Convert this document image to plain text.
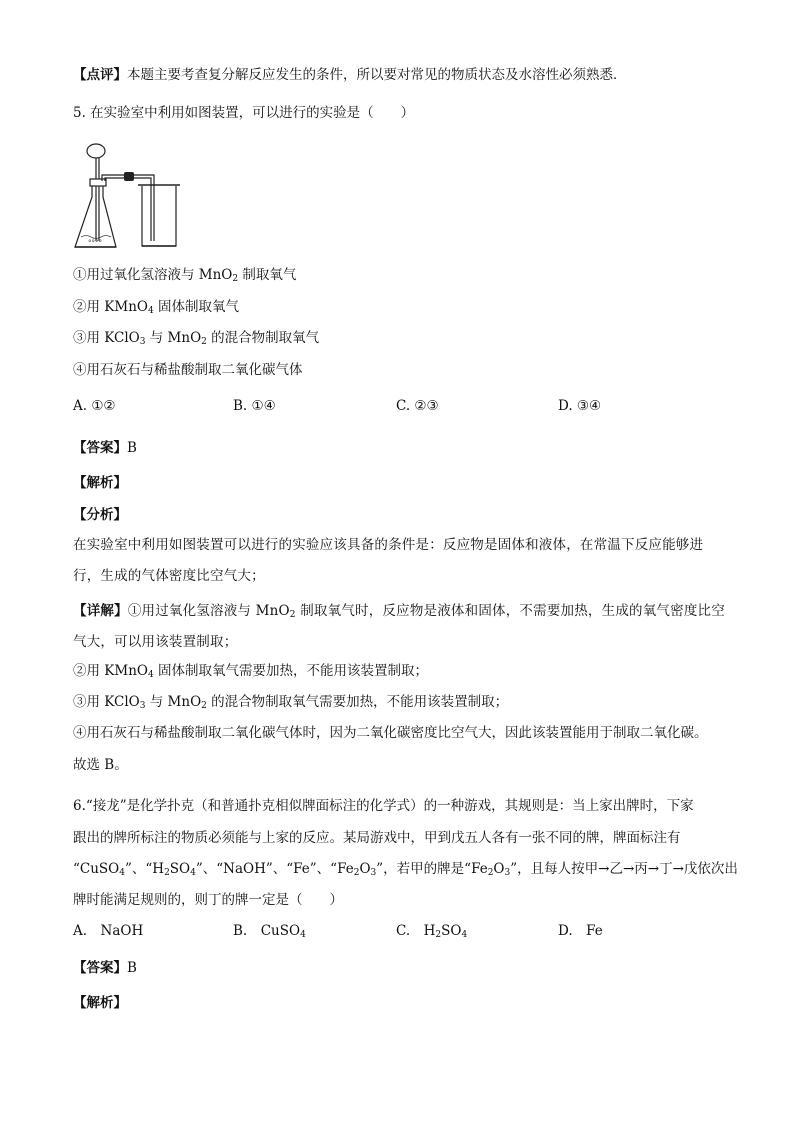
【点评】本题主要考查复分解反应发生的条件，所以要对常见的物质状态及水溶性必须熟悉．
5. 在实验室中利用如图装置，可以进行的实验是（　　）
°°°°
①用过氧化氢溶液与 MnO$_2$ 制取氧气
②用 KMnO$_4$ 固体制取氧气
③用 KClO$_3$ 与 MnO$_2$ 的混合物制取氧气
④用石灰石与稀盐酸制取二氧化碳气体
A. ①②	B. ①④	C. ②③	D. ③④
【答案】B
【解析】
【分析】
在实验室中利用如图装置可以进行的实验应该具备的条件是：反应物是固体和液体，在常温下反应能够进行，生成的气体密度比空气大；
【详解】①用过氧化氢溶液与 MnO$_2$ 制取氧气时，反应物是液体和固体，不需要加热，生成的氧气密度比空气大，可以用该装置制取；
②用 KMnO$_4$ 固体制取氧气需要加热，不能用该装置制取；
③用 KClO$_3$ 与 MnO$_2$ 的混合物制取氧气需要加热，不能用该装置制取；
④用石灰石与稀盐酸制取二氧化碳气体时，因为二氧化碳密度比空气大，因此该装置能用于制取二氧化碳。
故选 B。
6.“接龙”是化学扑克（和普通扑克相似牌面标注的化学式）的一种游戏，其规则是：当上家出牌时，下家
跟出的牌所标注的物质必须能与上家的反应。某局游戏中，甲到戊五人各有一张不同的牌，牌面标注有
“CuSO$_4$”、“$H_2SO_4$”、“NaOH”、“Fe”、“$Fe_2O_3$”，若甲的牌是“$Fe_2O_3$”，且每人按甲→乙→丙→丁→戊依次出
牌时能满足规则的，则丁的牌一定是（　　）
A.　NaOH	B.　CuSO$_4$	C.　$H_2SO_4$	D.　Fe
【答案】B
【解析】
